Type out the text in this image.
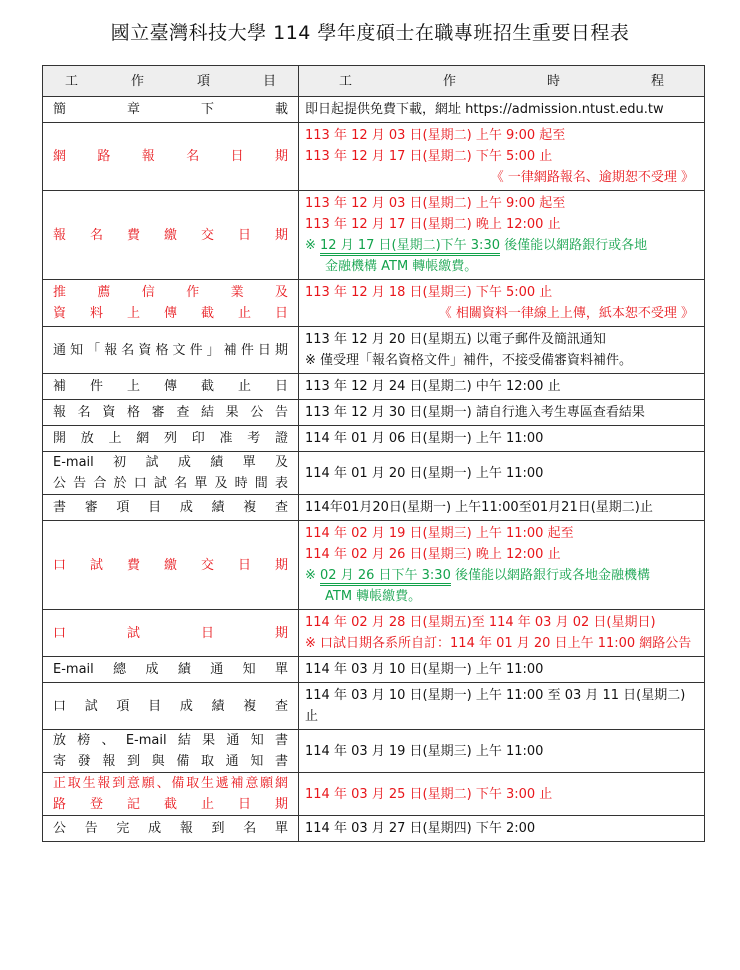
國立臺灣科技大學 114 學年度碩士在職專班招生重要日程表
工作項目	工作時程

簡章下載	即日起提供免費下載，網址 https://admission.ntust.edu.tw

網路報名日期	113 年 12 月 03 日(星期二) 上午 9:00 起至
113 年 12 月 17 日(星期二) 下午 5:00 止
《 一律網路報名、逾期恕不受理 》

報名費繳交日期	113 年 12 月 03 日(星期二) 上午 9:00 起至
113 年 12 月 17 日(星期二) 晚上 12:00 止
※ 12 月 17 日(星期二)下午 3:30 後僅能以網路銀行或各地
金融機構 ATM 轉帳繳費。

推薦信作業及
資料上傳截止日	113 年 12 月 18 日(星期三) 下午 5:00 止
《 相關資料一律線上上傳，紙本恕不受理 》

通知「報名資格文件」補件日期	113 年 12 月 20 日(星期五) 以電子郵件及簡訊通知
※ 僅受理「報名資格文件」補件，不接受備審資料補件。

補件上傳截止日	113 年 12 月 24 日(星期二) 中午 12:00 止

報名資格審查結果公告	113 年 12 月 30 日(星期一) 請自行進入考生專區查看結果

開放上網列印准考證	114 年 01 月 06 日(星期一) 上午 11:00

E-mail初試成績單及
公告合於口試名單及時間表	114 年 01 月 20 日(星期一) 上午 11:00

書審項目成績複查	114年01月20日(星期一) 上午11:00至01月21日(星期二)止

口試費繳交日期	114 年 02 月 19 日(星期三) 上午 11:00 起至
114 年 02 月 26 日(星期三) 晚上 12:00 止
※ 02 月 26 日下午 3:30 後僅能以網路銀行或各地金融機構
ATM 轉帳繳費。

口試日期	114 年 02 月 28 日(星期五)至 114 年 03 月 02 日(星期日)
※ 口試日期各系所自訂：114 年 01 月 20 日上午 11:00 網路公告

E-mail總成績通知單	114 年 03 月 10 日(星期一) 上午 11:00

口試項目成績複查	114 年 03 月 10 日(星期一) 上午 11:00 至 03 月 11 日(星期二)止

放榜、E-mail結果通知書
寄發報到與備取通知書	114 年 03 月 19 日(星期三) 上午 11:00

正取生報到意願、備取生遞補意願網
路登記截止日期	114 年 03 月 25 日(星期二) 下午 3:00 止

公告完成報到名單	114 年 03 月 27 日(星期四) 下午 2:00
